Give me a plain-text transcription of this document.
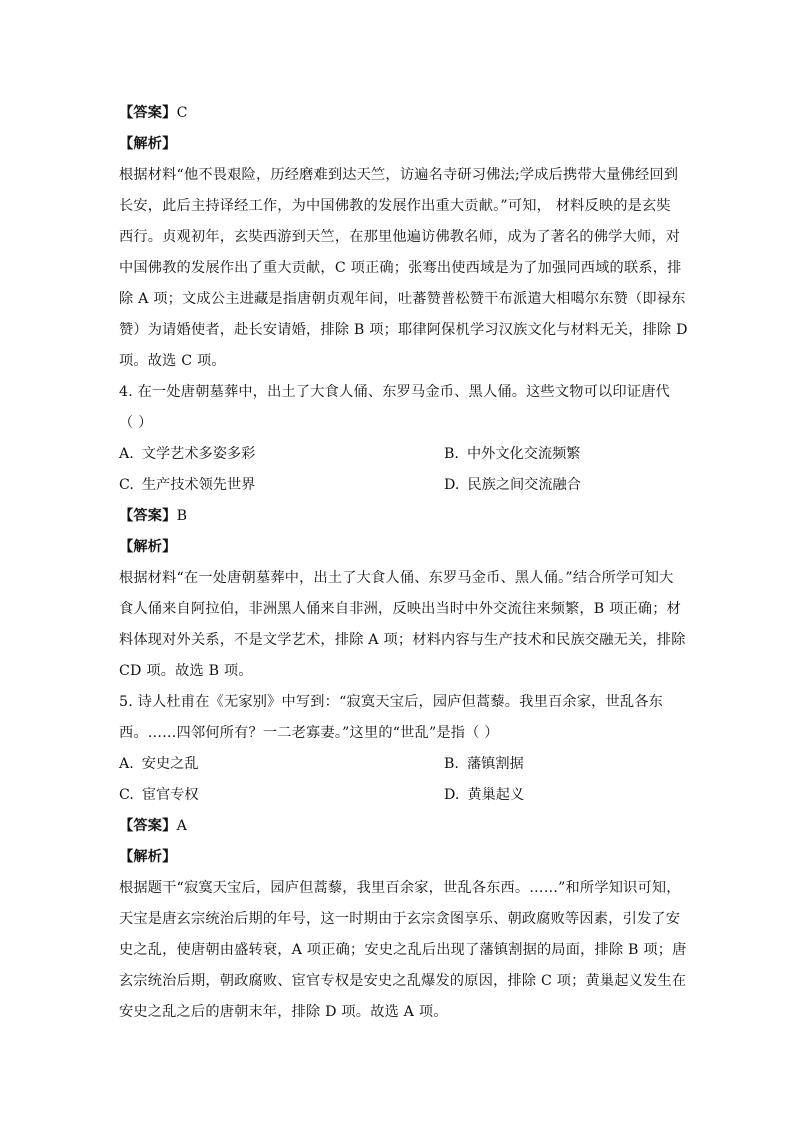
【答案】C
【解析】
根据材料“他不畏艰险，历经磨难到达天竺，访遍名寺研习佛法;学成后携带大量佛经回到
长安，此后主持译经工作，为中国佛教的发展作出重大贡献。”可知， 材料反映的是玄奘
西行。贞观初年，玄奘西游到天竺，在那里他遍访佛教名师，成为了著名的佛学大师，对
中国佛教的发展作出了重大贡献，C 项正确；张骞出使西域是为了加强同西域的联系，排
除 A 项；文成公主进藏是指唐朝贞观年间，吐蕃赞普松赞干布派遣大相噶尔东赞（即禄东
赞）为请婚使者，赴长安请婚，排除 B 项；耶律阿保机学习汉族文化与材料无关，排除 D
项。故选 C 项。
4. 在一处唐朝墓葬中，出土了大食人俑、东罗马金币、黑人俑。这些文物可以印证唐代
（ ）
A. 文学艺术多姿多彩	B. 中外文化交流频繁
C. 生产技术领先世界	D. 民族之间交流融合
【答案】B
【解析】
根据材料“在一处唐朝墓葬中，出土了大食人俑、东罗马金币、黑人俑。”结合所学可知大
食人俑来自阿拉伯，非洲黑人俑来自非洲，反映出当时中外交流往来频繁，B 项正确；材
料体现对外关系，不是文学艺术，排除 A 项；材料内容与生产技术和民族交融无关，排除
CD 项。故选 B 项。
5. 诗人杜甫在《无家别》中写到：“寂寞天宝后，园庐但蒿藜。我里百余家，世乱各东
西。……四邻何所有？一二老寡妻。”这里的“世乱”是指（ ）
A. 安史之乱	B. 藩镇割据
C. 宦官专权	D. 黄巢起义
【答案】A
【解析】
根据题干“寂寞天宝后，园庐但蒿藜，我里百余家，世乱各东西。……”和所学知识可知，
天宝是唐玄宗统治后期的年号，这一时期由于玄宗贪图享乐、朝政腐败等因素，引发了安
史之乱，使唐朝由盛转衰，A 项正确；安史之乱后出现了藩镇割据的局面，排除 B 项；唐
玄宗统治后期，朝政腐败、宦官专权是安史之乱爆发的原因，排除 C 项；黄巢起义发生在
安史之乱之后的唐朝末年，排除 D 项。故选 A 项。
